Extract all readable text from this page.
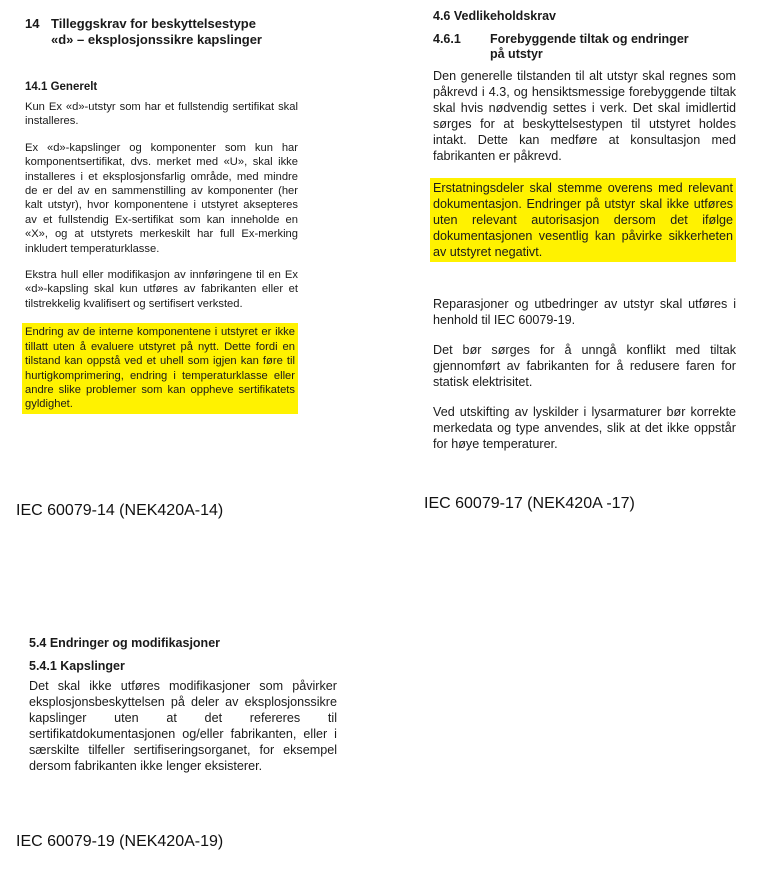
14 Tilleggskrav for beskyttelsestype
«d» – eksplosjonssikre kapslinger
14.1 Generelt

Kun Ex «d»-utstyr som har et fullstendig sertifikat skal installeres.

Ex «d»-kapslinger og komponenter som kun har komponentsertifikat, dvs. merket med «U», skal ikke installeres i et eksplosjonsfarlig område, med mindre de er del av en sammenstilling av komponenter (her kalt utstyr), hvor komponentene i utstyret aksepteres av et fullstendig Ex-sertifikat som kan inneholde en «X», og at utstyrets merkeskilt har full Ex-merking inkludert temperaturklasse.

Ekstra hull eller modifikasjon av innføringene til en Ex «d»-kapsling skal kun utføres av fabrikanten eller et tilstrekkelig kvalifisert og sertifisert verksted.

Endring av de interne komponentene i utstyret er ikke tillatt uten å evaluere utstyret på nytt. Dette fordi en tilstand kan oppstå ved et uhell som igjen kan føre til hurtigkomprimering, endring i temperaturklasse eller andre slike problemer som kan oppheve sertifikatets gyldighet.

IEC 60079-14 (NEK420A-14)
4.6 Vedlikeholdskrav
4.6.1 Forebyggende tiltak og endringer
på utstyr

Den generelle tilstanden til alt utstyr skal regnes som påkrevd i 4.3, og hensiktsmessige forebyggende tiltak skal hvis nødvendig settes i verk. Det skal imidlertid sørges for at beskyttelsestypen til utstyret holdes intakt. Dette kan medføre at konsultasjon med fabrikanten er påkrevd.

Erstatningsdeler skal stemme overens med relevant dokumentasjon. Endringer på utstyr skal ikke utføres uten relevant autorisasjon dersom det ifølge dokumentasjonen vesentlig kan påvirke sikkerheten av utstyret negativt.

Reparasjoner og utbedringer av utstyr skal utføres i henhold til IEC 60079-19.

Det bør sørges for å unngå konflikt med tiltak gjennomført av fabrikanten for å redusere faren for statisk elektrisitet.

Ved utskifting av lyskilder i lysarmaturer bør korrekte merkedata og type anvendes, slik at det ikke oppstår for høye temperaturer.

IEC 60079-17 (NEK420A -17)
5.4 Endringer og modifikasjoner
5.4.1 Kapslinger

Det skal ikke utføres modifikasjoner som påvirker eksplosjonsbeskyttelsen på deler av eksplosjonssikre kapslinger uten at det refereres til sertifikatdokumentasjonen og/eller fabrikanten, eller i særskilte tilfeller sertifiseringsorganet, for eksempel dersom fabrikanten ikke lenger eksisterer.

IEC 60079-19 (NEK420A-19)
